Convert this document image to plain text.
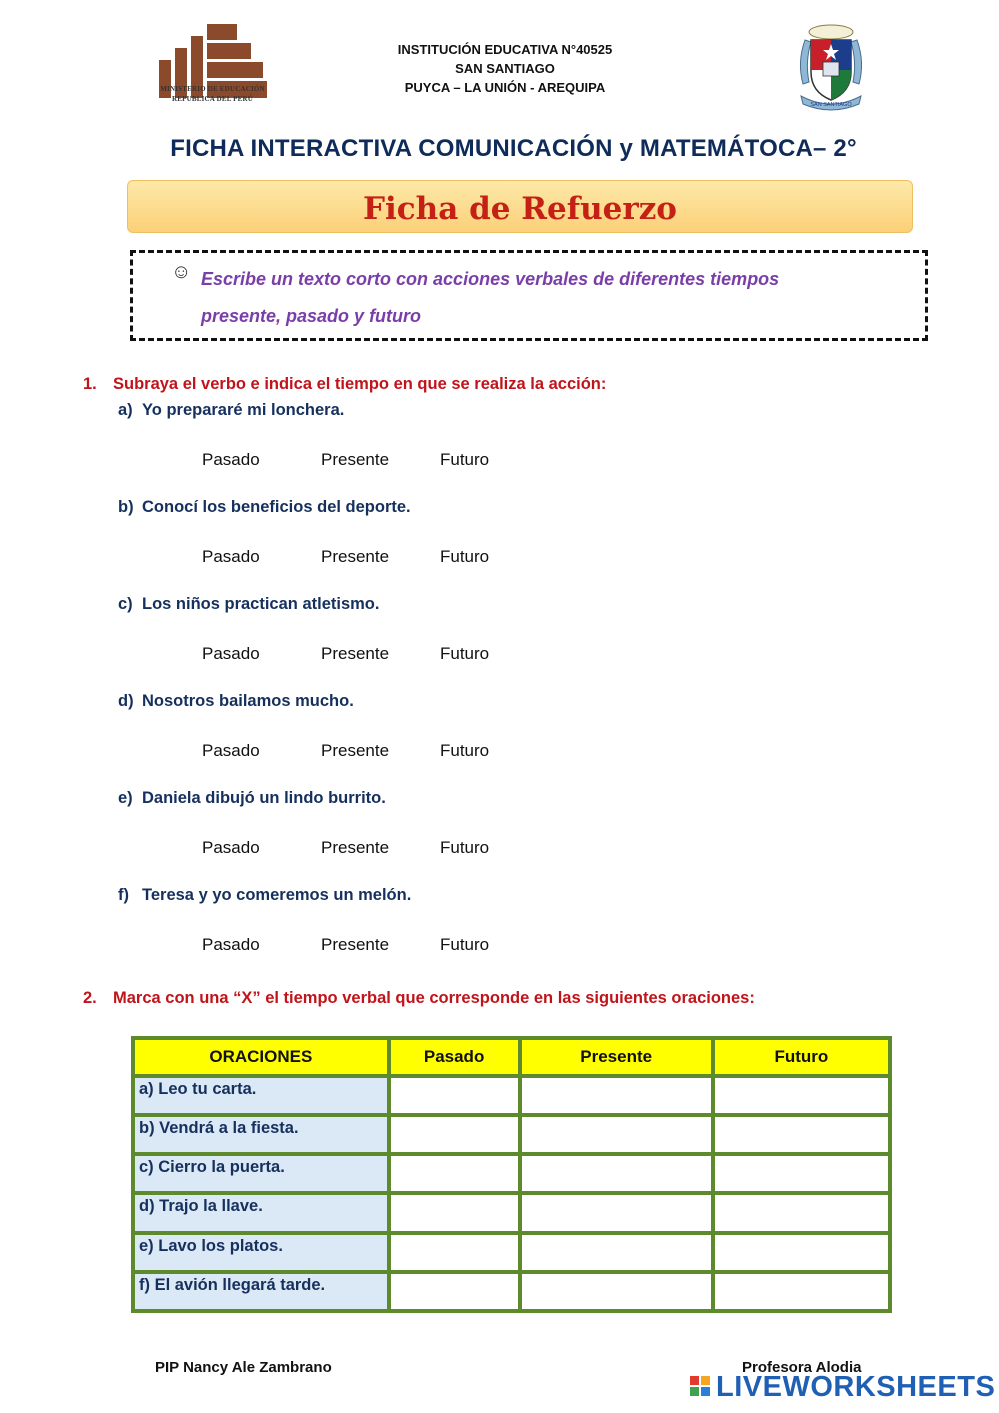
MINISTERIO DE EDUCACIÓN
REPUBLICA DEL PERÚ
INSTITUCIÓN EDUCATIVA N°40525
SAN SANTIAGO
PUYCA – LA UNIÓN - AREQUIPA
SAN SANTIAGO
FICHA INTERACTIVA COMUNICACIÓN y MATEMÁTOCA– 2°
Ficha de Refuerzo
☺ Escribe un texto corto con acciones verbales de diferentes tiempos
presente, pasado y futuro
1. Subraya el verbo e indica el tiempo en que se realiza la acción:
a) Yo prepararé mi lonchera.
Pasado	Presente	Futuro
b) Conocí los beneficios del deporte.
Pasado	Presente	Futuro
c) Los niños practican atletismo.
Pasado	Presente	Futuro
d) Nosotros bailamos mucho.
Pasado	Presente	Futuro
e) Daniela dibujó un lindo burrito.
Pasado	Presente	Futuro
f) Teresa y yo comeremos un melón.
Pasado	Presente	Futuro
2. Marca con una “X” el tiempo verbal que corresponde en las siguientes oraciones:
ORACIONES	Pasado	Presente	Futuro
a) Leo tu carta.			
b) Vendrá a la fiesta.			
c) Cierro la puerta.			
d) Trajo la llave.			
e) Lavo los platos.			
f) El avión llegará tarde.			
PIP Nancy Ale Zambrano	Profesora Alodia
LIVEWORKSHEETS
